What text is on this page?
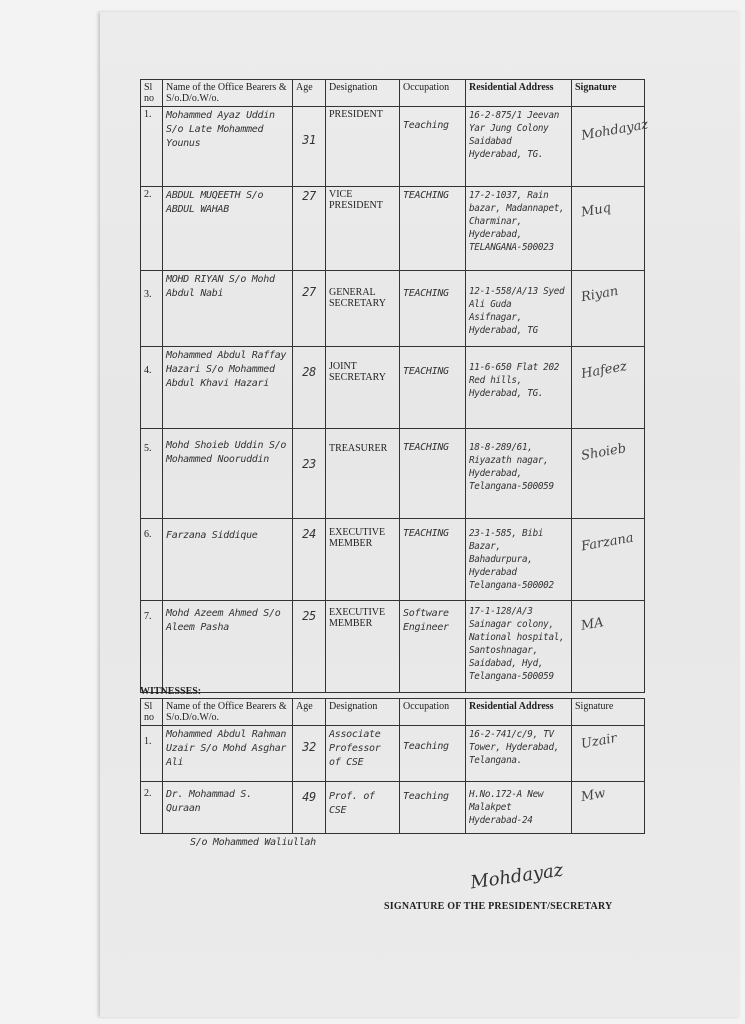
Sl no	Name of the Office Bearers & S/o.D/o.W/o.	Age	Designation	Occupation	Residential Address	Signature
1.	Mohammed Ayaz Uddin S/o Late Mohammed Younus	31	PRESIDENT	Teaching	16-2-875/1 Jeevan Yar Jung Colony Saidabad Hyderabad, TG.	Mohdayaz
2.	ABDUL MUQEETH S/o ABDUL WAHAB	27	VICE PRESIDENT	TEACHING	17-2-1037, Rain bazar, Madannapet, Charminar, Hyderabad, TELANGANA-500023	Muq
3.	MOHD RIYAN S/o Mohd Abdul Nabi	27	GENERAL SECRETARY	TEACHING	12-1-558/A/13 Syed Ali Guda Asifnagar, Hyderabad, TG	Riyan
4.	Mohammed Abdul Raffay Hazari S/o Mohammed Abdul Khavi Hazari	28	JOINT SECRETARY	TEACHING	11-6-650 Flat 202 Red hills, Hyderabad, TG.	Hafeez
5.	Mohd Shoieb Uddin S/o Mohammed Nooruddin	23	TREASURER	TEACHING	18-8-289/61, Riyazath nagar, Hyderabad, Telangana-500059	Shoieb
6.	Farzana Siddique	24	EXECUTIVE MEMBER	TEACHING	23-1-585, Bibi Bazar, Bahadurpura, Hyderabad Telangana-500002	Farzana
7.	Mohd Azeem Ahmed S/o Aleem Pasha	25	EXECUTIVE MEMBER	Software Engineer	17-1-128/A/3 Sainagar colony, National hospital, Santoshnagar, Saidabad, Hyd, Telangana-500059	MA
WITNESSES:
Sl no	Name of the Office Bearers & S/o.D/o.W/o.	Age	Designation	Occupation	Residential Address	Signature
1.	Mohammed Abdul Rahman Uzair S/o Mohd Asghar Ali	32	Associate Professor of CSE	Teaching	16-2-741/c/9, TV Tower, Hyderabad, Telangana.	Uzair
2.	Dr. Mohammad S. Quraan	49	Prof. of CSE	Teaching	H.No.172-A New Malakpet Hyderabad-24	Mw
S/o Mohammed Waliullah
Mohdayaz
SIGNATURE OF THE PRESIDENT/SECRETARY
